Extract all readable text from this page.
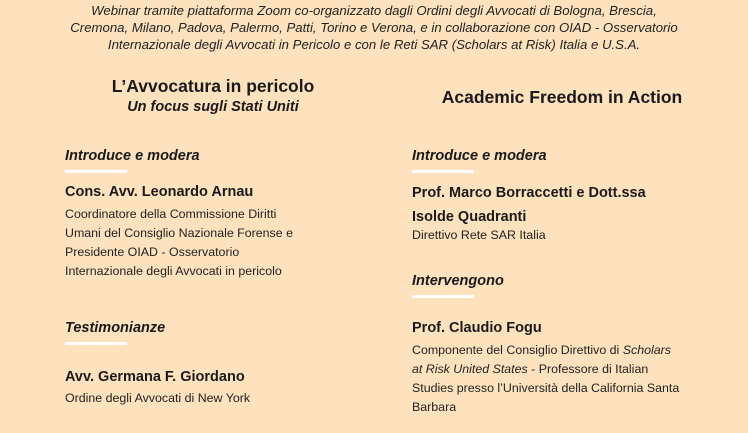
Webinar tramite piattaforma Zoom co-organizzato dagli Ordini degli Avvocati di Bologna, Brescia,
Cremona, Milano, Padova, Palermo, Patti, Torino e Verona, e in collaborazione con OIAD - Osservatorio
Internazionale degli Avvocati in Pericolo e con le Reti SAR (Scholars at Risk) Italia e U.S.A.
L’Avvocatura in pericolo
Un focus sugli Stati Uniti
Introduce e modera
Cons. Avv. Leonardo Arnau
Coordinatore della Commissione Diritti
Umani del Consiglio Nazionale Forense e
Presidente OIAD - Osservatorio
Internazionale degli Avvocati in pericolo
Testimonianze
Avv. Germana F. Giordano
Ordine degli Avvocati di New York
Academic Freedom in Action
Introduce e modera
Prof. Marco Borraccetti e Dott.ssa
Isolde Quadranti
Direttivo Rete SAR Italia
Intervengono
Prof. Claudio Fogu
Componente del Consiglio Direttivo di Scholars
at Risk United States - Professore di Italian
Studies presso l’Università della California Santa
Barbara
